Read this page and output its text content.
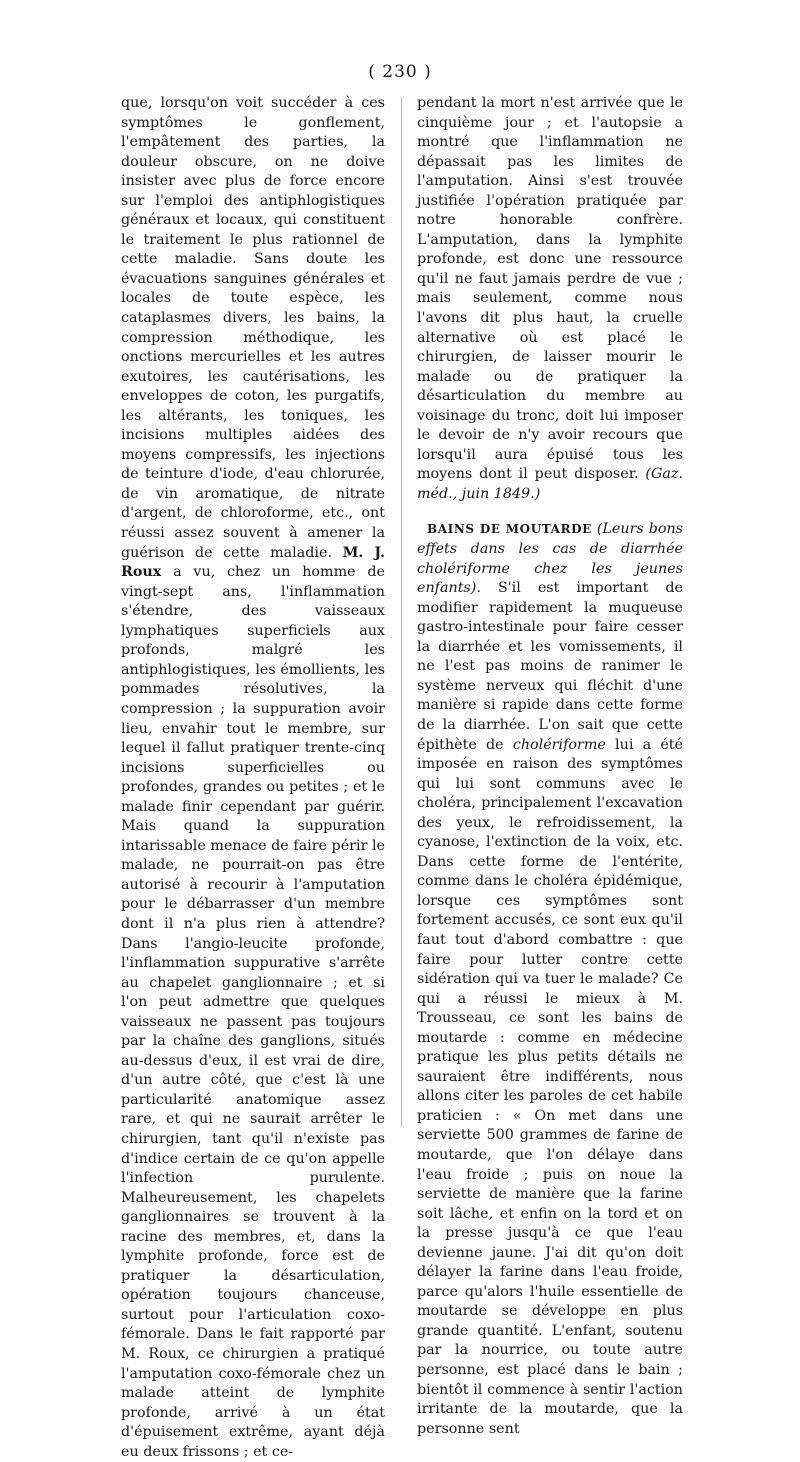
( 230 )

que, lorsqu'on voit succéder à ces symptômes le gonflement, l'empâtement des parties, la douleur obscure, on ne doive insister avec plus de force encore sur l'emploi des antiphlogistiques généraux et locaux, qui constituent le traitement le plus rationnel de cette maladie. Sans doute les évacuations sanguines générales et locales de toute espèce, les cataplasmes divers, les bains, la compression méthodique, les onctions mercurielles et les autres exutoires, les cautérisations, les enveloppes de coton, les purgatifs, les altérants, les toniques, les incisions multiples aidées des moyens compressifs, les injections de teinture d'iode, d'eau chlorurée, de vin aromatique, de nitrate d'argent, de chloroforme, etc., ont réussi assez souvent à amener la guérison de cette maladie. M. J. Roux a vu, chez un homme de vingt-sept ans, l'inflammation s'étendre, des vaisseaux lymphatiques superficiels aux profonds, malgré les antiphlogistiques, les émollients, les pommades résolutives, la compression ; la suppuration avoir lieu, envahir tout le membre, sur lequel il fallut pratiquer trente-cinq incisions superficielles ou profondes, grandes ou petites ; et le malade finir cependant par guérir. Mais quand la suppuration intarissable menace de faire périr le malade, ne pourrait-on pas être autorisé à recourir à l'amputation pour le débarrasser d'un membre dont il n'a plus rien à attendre? Dans l'angio-leucite profonde, l'inflammation suppurative s'arrête au chapelet ganglionnaire ; et si l'on peut admettre que quelques vaisseaux ne passent pas toujours par la chaîne des ganglions, situés au-dessus d'eux, il est vrai de dire, d'un autre côté, que c'est là une particularité anatomique assez rare, et qui ne saurait arrêter le chirurgien, tant qu'il n'existe pas d'indice certain de ce qu'on appelle l'infection purulente. Malheureusement, les chapelets ganglionnaires se trouvent à la racine des membres, et, dans la lymphite profonde, force est de pratiquer la désarticulation, opération toujours chanceuse, surtout pour l'articulation coxo-fémorale. Dans le fait rapporté par M. Roux, ce chirurgien a pratiqué l'amputation coxo-fémorale chez un malade atteint de lymphite profonde, arrivé à un état d'épuisement extrême, ayant déjà eu deux frissons ; et ce-

pendant la mort n'est arrivée que le cinquième jour ; et l'autopsie a montré que l'inflammation ne dépassait pas les limites de l'amputation. Ainsi s'est trouvée justifiée l'opération pratiquée par notre honorable confrère. L'amputation, dans la lymphite profonde, est donc une ressource qu'il ne faut jamais perdre de vue ; mais seulement, comme nous l'avons dit plus haut, la cruelle alternative où est placé le chirurgien, de laisser mourir le malade ou de pratiquer la désarticulation du membre au voisinage du tronc, doit lui imposer le devoir de n'y avoir recours que lorsqu'il aura épuisé tous les moyens dont il peut disposer. (Gaz. méd., juin 1849.)

BAINS DE MOUTARDE (Leurs bons effets dans les cas de diarrhée cholériforme chez les jeunes enfants). S'il est important de modifier rapidement la muqueuse gastro-intestinale pour faire cesser la diarrhée et les vomissements, il ne l'est pas moins de ranimer le système nerveux qui fléchit d'une manière si rapide dans cette forme de la diarrhée. L'on sait que cette épithète de cholériforme lui a été imposée en raison des symptômes qui lui sont communs avec le choléra, principalement l'excavation des yeux, le refroidissement, la cyanose, l'extinction de la voix, etc. Dans cette forme de l'entérite, comme dans le choléra épidémique, lorsque ces symptômes sont fortement accusés, ce sont eux qu'il faut tout d'abord combattre : que faire pour lutter contre cette sidération qui va tuer le malade? Ce qui a réussi le mieux à M. Trousseau, ce sont les bains de moutarde : comme en médecine pratique les plus petits détails ne sauraient être indifférents, nous allons citer les paroles de cet habile praticien : « On met dans une serviette 500 grammes de farine de moutarde, que l'on délaye dans l'eau froide ; puis on noue la serviette de manière que la farine soit lâche, et enfin on la tord et on la presse jusqu'à ce que l'eau devienne jaune. J'ai dit qu'on doit délayer la farine dans l'eau froide, parce qu'alors l'huile essentielle de moutarde se développe en plus grande quantité. L'enfant, soutenu par la nourrice, ou toute autre personne, est placé dans le bain ; bientôt il commence à sentir l'action irritante de la moutarde, que la personne sent
